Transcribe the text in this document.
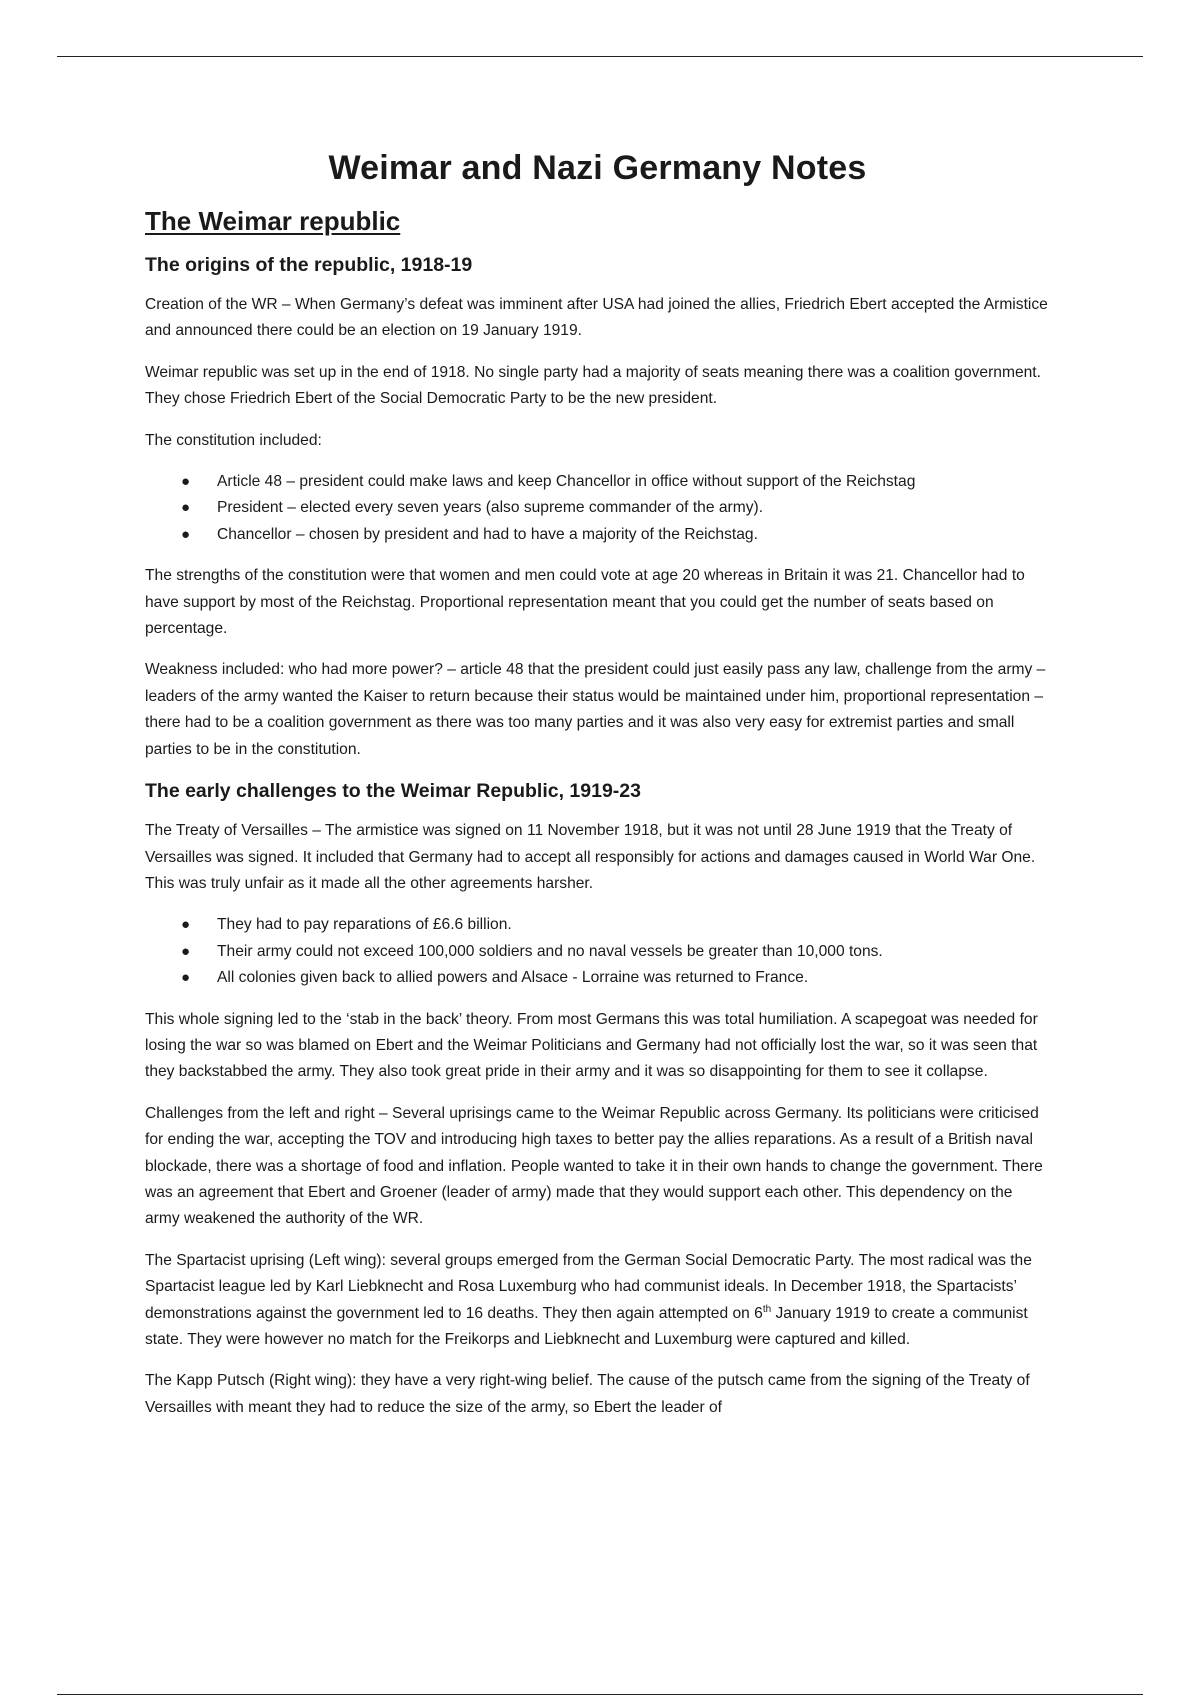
Weimar and Nazi Germany Notes
The Weimar republic
The origins of the republic, 1918-19

Creation of the WR – When Germany’s defeat was imminent after USA had joined the allies, Friedrich Ebert accepted the Armistice and announced there could be an election on 19 January 1919.

Weimar republic was set up in the end of 1918. No single party had a majority of seats meaning there was a coalition government. They chose Friedrich Ebert of the Social Democratic Party to be the new president.

The constitution included:

● Article 48 – president could make laws and keep Chancellor in office without support of the Reichstag
● President – elected every seven years (also supreme commander of the army).
● Chancellor – chosen by president and had to have a majority of the Reichstag.

The strengths of the constitution were that women and men could vote at age 20 whereas in Britain it was 21. Chancellor had to have support by most of the Reichstag. Proportional representation meant that you could get the number of seats based on percentage.

Weakness included: who had more power? – article 48 that the president could just easily pass any law, challenge from the army – leaders of the army wanted the Kaiser to return because their status would be maintained under him, proportional representation – there had to be a coalition government as there was too many parties and it was also very easy for extremist parties and small parties to be in the constitution.

The early challenges to the Weimar Republic, 1919-23

The Treaty of Versailles – The armistice was signed on 11 November 1918, but it was not until 28 June 1919 that the Treaty of Versailles was signed. It included that Germany had to accept all responsibly for actions and damages caused in World War One. This was truly unfair as it made all the other agreements harsher.

● They had to pay reparations of £6.6 billion.
● Their army could not exceed 100,000 soldiers and no naval vessels be greater than 10,000 tons.
● All colonies given back to allied powers and Alsace - Lorraine was returned to France.

This whole signing led to the ‘stab in the back’ theory. From most Germans this was total humiliation. A scapegoat was needed for losing the war so was blamed on Ebert and the Weimar Politicians and Germany had not officially lost the war, so it was seen that they backstabbed the army. They also took great pride in their army and it was so disappointing for them to see it collapse.

Challenges from the left and right – Several uprisings came to the Weimar Republic across Germany. Its politicians were criticised for ending the war, accepting the TOV and introducing high taxes to better pay the allies reparations. As a result of a British naval blockade, there was a shortage of food and inflation. People wanted to take it in their own hands to change the government. There was an agreement that Ebert and Groener (leader of army) made that they would support each other. This dependency on the army weakened the authority of the WR.

The Spartacist uprising (Left wing): several groups emerged from the German Social Democratic Party. The most radical was the Spartacist league led by Karl Liebknecht and Rosa Luxemburg who had communist ideals. In December 1918, the Spartacists’ demonstrations against the government led to 16 deaths. They then again attempted on 6th January 1919 to create a communist state. They were however no match for the Freikorps and Liebknecht and Luxemburg were captured and killed.

The Kapp Putsch (Right wing): they have a very right-wing belief. The cause of the putsch came from the signing of the Treaty of Versailles with meant they had to reduce the size of the army, so Ebert the leader of
